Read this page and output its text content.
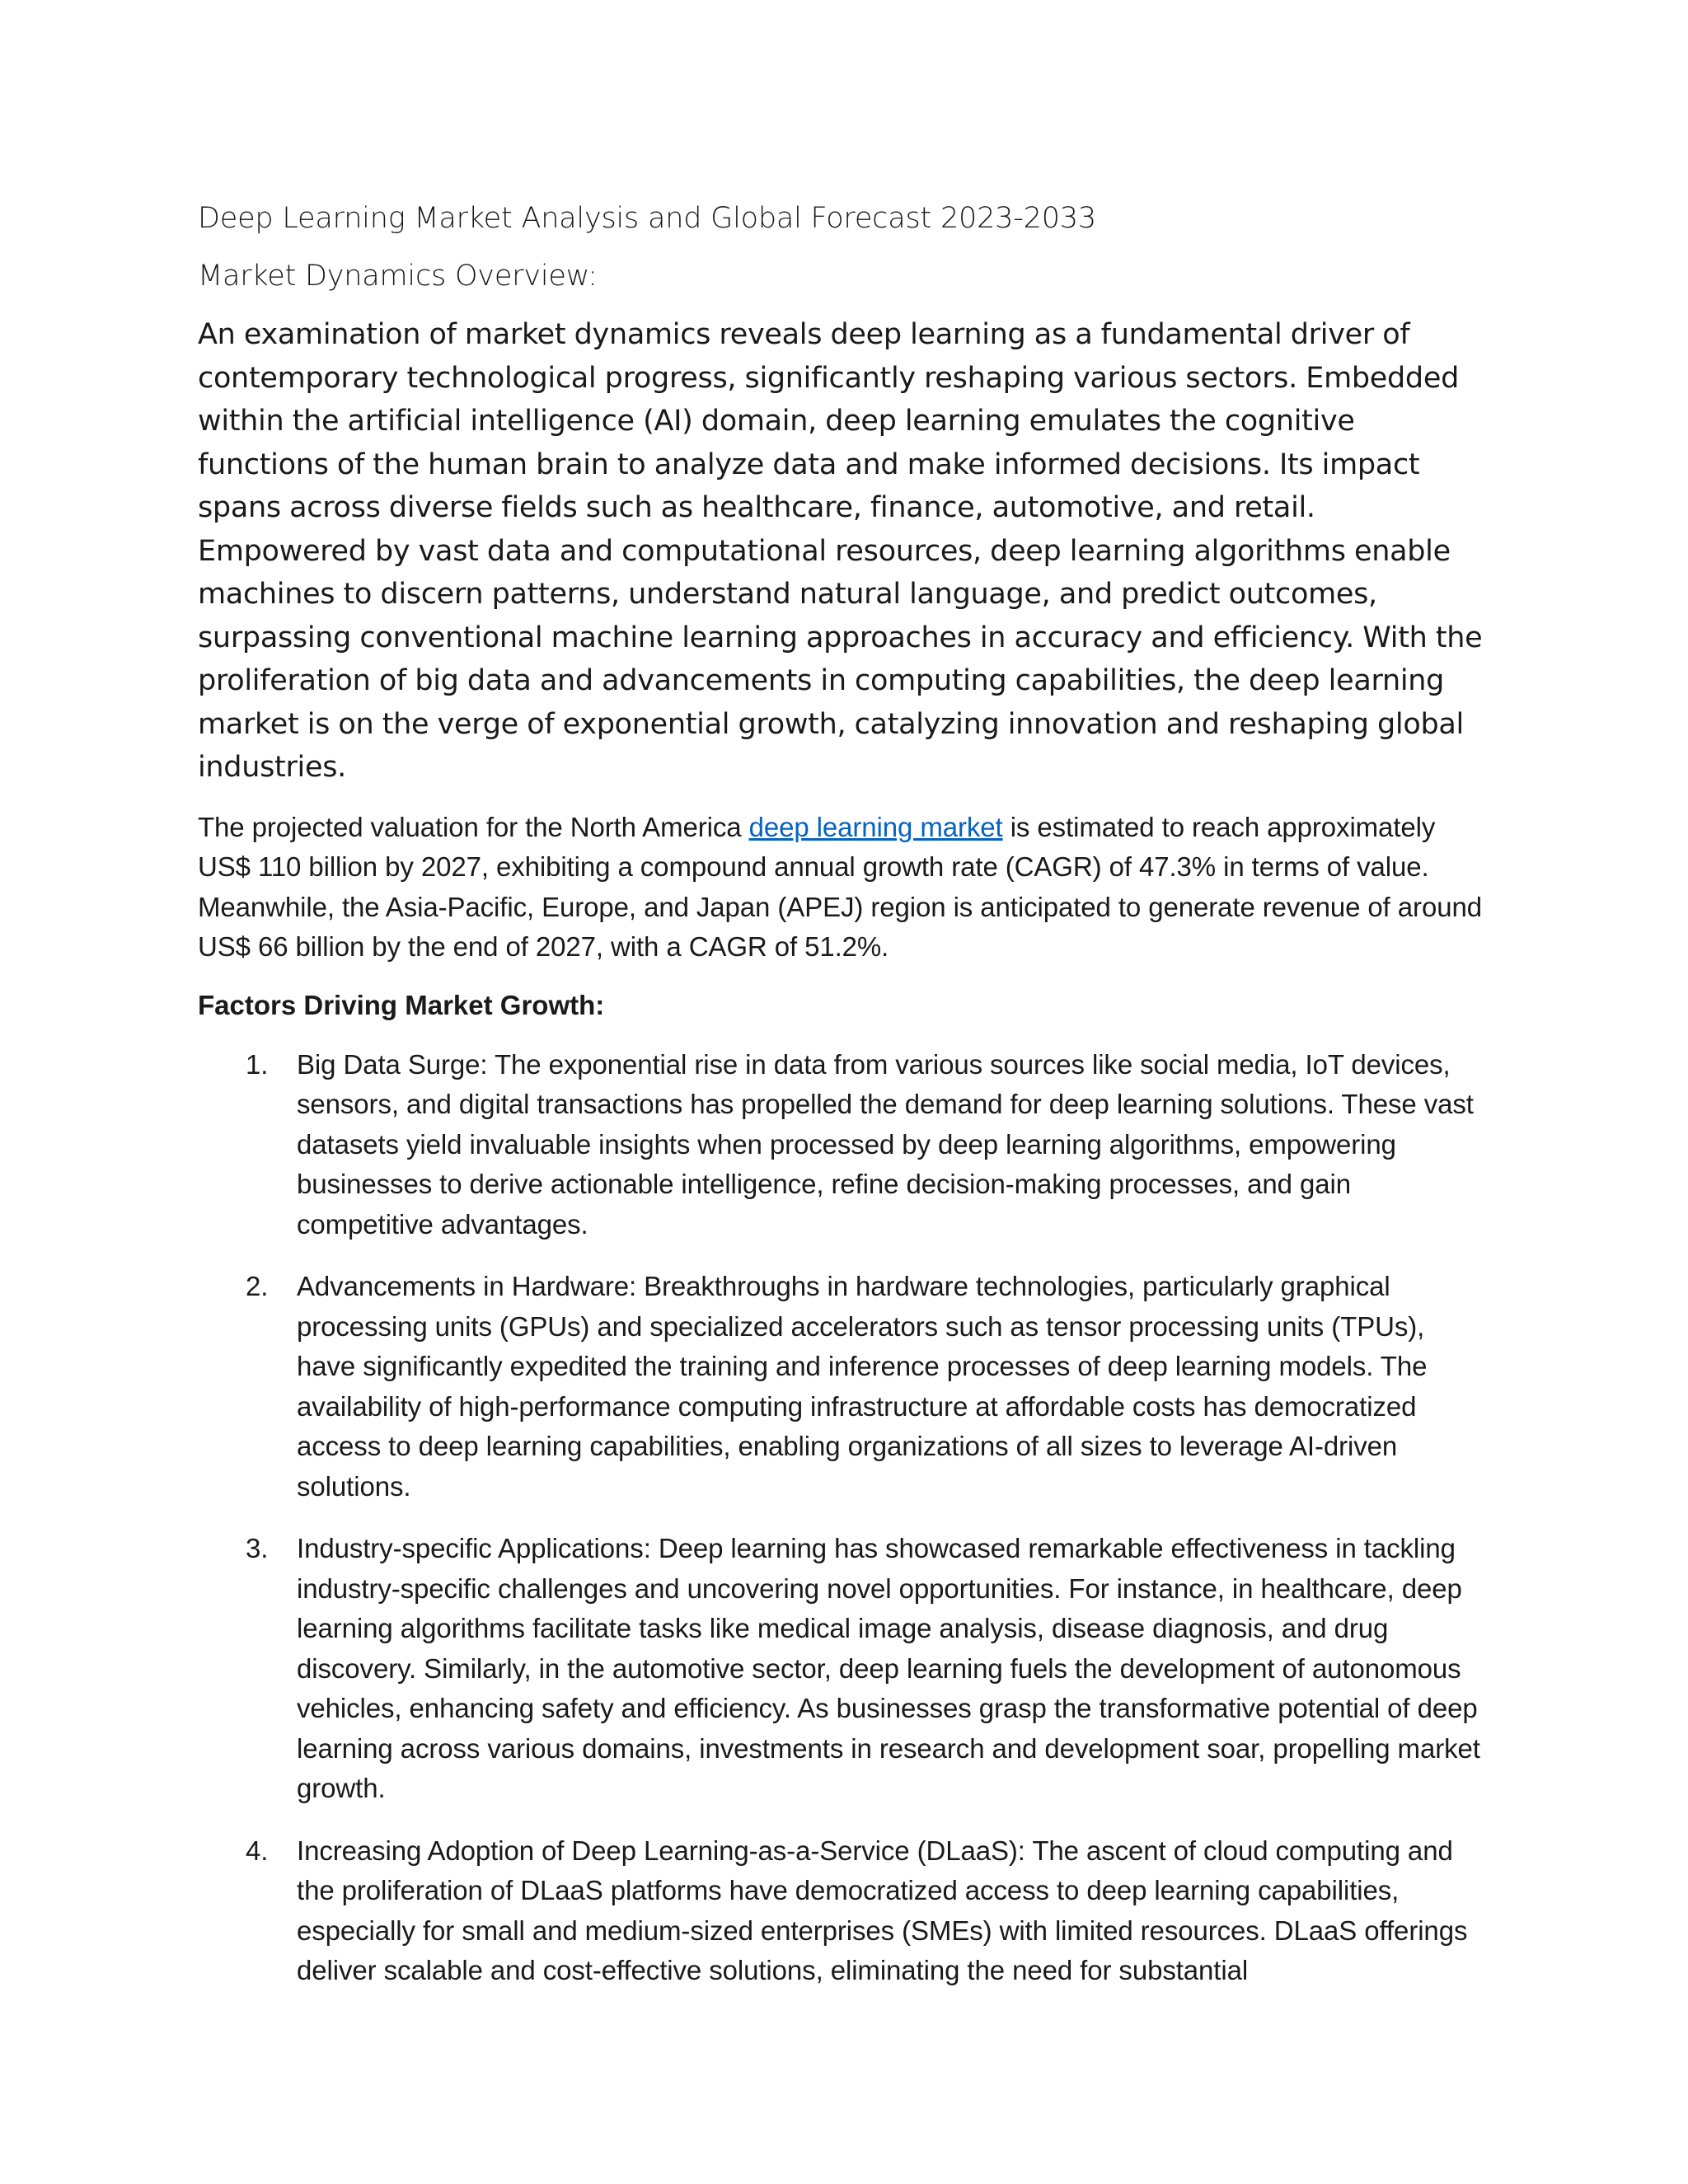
Deep Learning Market Analysis and Global Forecast 2023-2033
Market Dynamics Overview:

An examination of market dynamics reveals deep learning as a fundamental driver of contemporary technological progress, significantly reshaping various sectors. Embedded within the artificial intelligence (AI) domain, deep learning emulates the cognitive functions of the human brain to analyze data and make informed decisions. Its impact spans across diverse fields such as healthcare, finance, automotive, and retail. Empowered by vast data and computational resources, deep learning algorithms enable machines to discern patterns, understand natural language, and predict outcomes, surpassing conventional machine learning approaches in accuracy and efficiency. With the proliferation of big data and advancements in computing capabilities, the deep learning market is on the verge of exponential growth, catalyzing innovation and reshaping global industries.

The projected valuation for the North America deep learning market is estimated to reach approximately US$ 110 billion by 2027, exhibiting a compound annual growth rate (CAGR) of 47.3% in terms of value. Meanwhile, the Asia-Pacific, Europe, and Japan (APEJ) region is anticipated to generate revenue of around US$ 66 billion by the end of 2027, with a CAGR of 51.2%.

Factors Driving Market Growth:

1. Big Data Surge: The exponential rise in data from various sources like social media, IoT devices, sensors, and digital transactions has propelled the demand for deep learning solutions. These vast datasets yield invaluable insights when processed by deep learning algorithms, empowering businesses to derive actionable intelligence, refine decision-making processes, and gain competitive advantages.
2. Advancements in Hardware: Breakthroughs in hardware technologies, particularly graphical processing units (GPUs) and specialized accelerators such as tensor processing units (TPUs), have significantly expedited the training and inference processes of deep learning models. The availability of high-performance computing infrastructure at affordable costs has democratized access to deep learning capabilities, enabling organizations of all sizes to leverage AI-driven solutions.
3. Industry-specific Applications: Deep learning has showcased remarkable effectiveness in tackling industry-specific challenges and uncovering novel opportunities. For instance, in healthcare, deep learning algorithms facilitate tasks like medical image analysis, disease diagnosis, and drug discovery. Similarly, in the automotive sector, deep learning fuels the development of autonomous vehicles, enhancing safety and efficiency. As businesses grasp the transformative potential of deep learning across various domains, investments in research and development soar, propelling market growth.
4. Increasing Adoption of Deep Learning-as-a-Service (DLaaS): The ascent of cloud computing and the proliferation of DLaaS platforms have democratized access to deep learning capabilities, especially for small and medium-sized enterprises (SMEs) with limited resources. DLaaS offerings deliver scalable and cost-effective solutions, eliminating the need for substantial
